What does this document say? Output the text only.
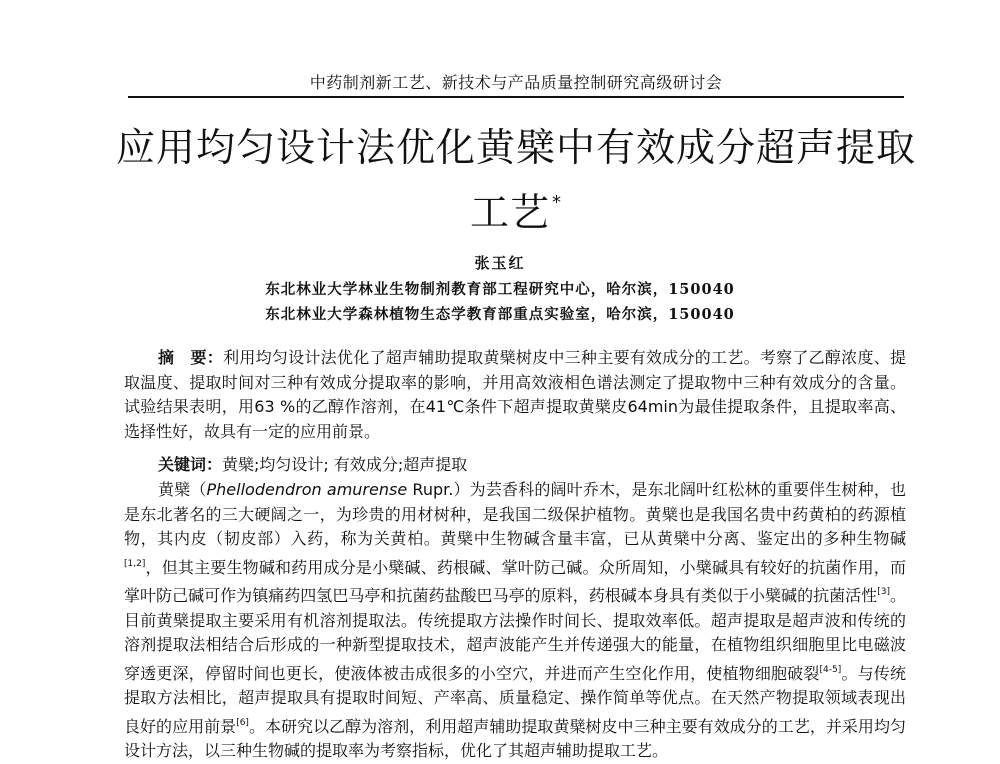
中药制剂新工艺、新技术与产品质量控制研究高级研讨会
应用均匀设计法优化黄檗中有效成分超声提取工艺 *
张玉红
东北林业大学林业生物制剂教育部工程研究中心，哈尔滨，150040
东北林业大学森林植物生态学教育部重点实验室，哈尔滨，150040
摘　要：利用均匀设计法优化了超声辅助提取黄檗树皮中三种主要有效成分的工艺。考察了乙醇浓度、提取温度、提取时间对三种有效成分提取率的影响，并用高效液相色谱法测定了提取物中三种有效成分的含量。试验结果表明，用63 %的乙醇作溶剂，在41℃条件下超声提取黄檗皮64min为最佳提取条件，且提取率高、选择性好，故具有一定的应用前景。
关键词：黄檗;均匀设计; 有效成分;超声提取
黄檗（Phellodendron amurense Rupr.）为芸香科的阔叶乔木，是东北阔叶红松林的重要伴生树种，也是东北著名的三大硬阔之一，为珍贵的用材树种，是我国二级保护植物。黄檗也是我国名贵中药黄柏的药源植物，其内皮（韧皮部）入药，称为关黄柏。黄檗中生物碱含量丰富，已从黄檗中分离、鉴定出的多种生物碱[1,2]，但其主要生物碱和药用成分是小檗碱、药根碱、掌叶防己碱。众所周知，小檗碱具有较好的抗菌作用，而掌叶防己碱可作为镇痛药四氢巴马亭和抗菌药盐酸巴马亭的原料，药根碱本身具有类似于小檗碱的抗菌活性[3]。目前黄檗提取主要采用有机溶剂提取法。传统提取方法操作时间长、提取效率低。超声提取是超声波和传统的溶剂提取法相结合后形成的一种新型提取技术，超声波能产生并传递强大的能量，在植物组织细胞里比电磁波穿透更深，停留时间也更长，使液体被击成很多的小空穴，并进而产生空化作用，使植物细胞破裂[4-5]。与传统提取方法相比，超声提取具有提取时间短、产率高、质量稳定、操作简单等优点。在天然产物提取领域表现出良好的应用前景[6]。本研究以乙醇为溶剂，利用超声辅助提取黄檗树皮中三种主要有效成分的工艺，并采用均匀设计方法，以三种生物碱的提取率为考察指标，优化了其超声辅助提取工艺。
